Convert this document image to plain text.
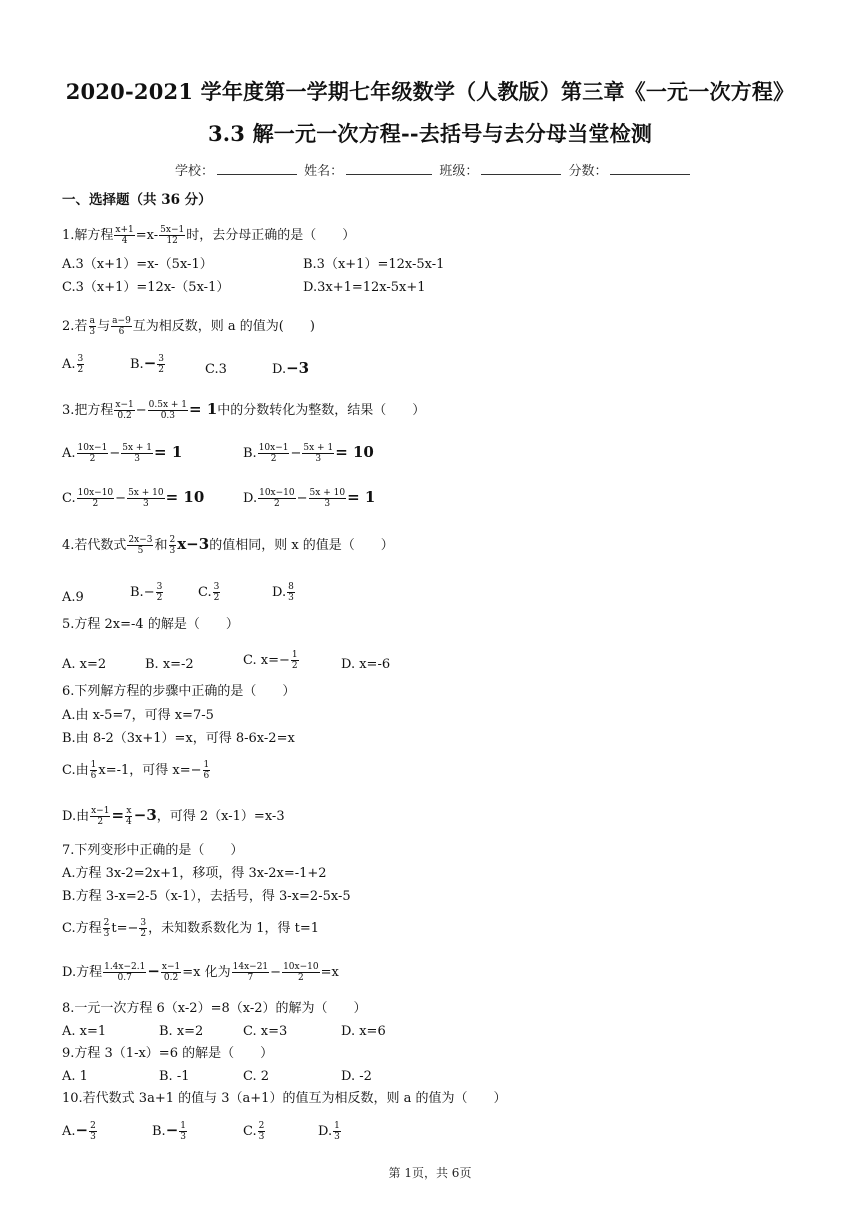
2020-2021 学年度第一学期七年级数学（人教版）第三章《一元一次方程》
3.3 解一元一次方程--去括号与去分母当堂检测
学校：	姓名：	班级：	分数：
一、选择题（共 36 分）
1.解方程 $\frac{x+1}{4} =x- \frac{5x-1}{12}$ 时，去分母正确的是（　　）
A.3（x+1）=x-（5x-1）	B.3（x+1）=12x-5x-1
C.3（x+1）=12x-（5x-1）	D.3x+1=12x-5x+1
2.若 $\frac{a}{3}$ 与 $\frac{a-9}{6}$ 互为相反数，则 a 的值为(　　)
A. $\frac{3}{2}$	$B.- \frac{3}{2}$	C.3	D.−3
3.把方程 $\frac{x-1}{0.2} - \frac{0.5x + 1}{0.3} = 1$中的分数转化为整数，结果（　　）
A. $\frac{10x-1}{2} - \frac{5x + 1}{3} = 1$	B. $\frac{10x-1}{2} - \frac{5x + 1}{3} = 10$
C. $\frac{10x-10}{2} - \frac{5x + 10}{3} = 10$	D. $\frac{10x-10}{2} - \frac{5x + 10}{3} = 1$
4.若代数式 $\frac{2x-3}{5}$ 和 $\frac{2}{3} x-3$的值相同，则 x 的值是（　　）
A.9	$B.- \frac{3}{2}$	C. $\frac{3}{2}$	D. $\frac{8}{3}$
5.方程 2x=-4 的解是（　　）
A. x=2	B. x=-2	C. $x=- \frac{1}{2}$	D. x=-6
6.下列解方程的步骤中正确的是（　　）
A.由 x-5=7，可得 x=7-5
B.由 8-2（3x+1）=x，可得 8-6x-2=x
C.由 $\frac{1}{6} x=-1$，可得 $x=- \frac{1}{6}$
D.由 $\frac{x-1}{2} = \frac{x}{4} -3$，可得 2（x-1）=x-3
7.下列变形中正确的是（　　）
A.方程 3x-2=2x+1，移项，得 3x-2x=-1+2
B.方程 3-x=2-5（x-1），去括号，得 3-x=2-5x-5
C.方程 $\frac{2}{3} t=- \frac{3}{2}$ ，未知数系数化为 1，得 t=1
D.方程 $\frac{1.4x-2.1}{0.7} - \frac{x-1}{0.2} =x$ 化为 $\frac{14x-21}{7} - \frac{10x-10}{2} =x$
8.一元一次方程 6（x-2）=8（x-2）的解为（　　）
A. x=1	B. x=2	C. x=3	D. x=6
9.方程 3（1-x）=6 的解是（　　）
A. 1	B. -1	C. 2	D. -2
10.若代数式 3a+1 的值与 3（a+1）的值互为相反数，则 a 的值为（　　）
$A.- \frac{2}{3}$	$B.- \frac{1}{3}$	C. $\frac{2}{3}$	D. $\frac{1}{3}$
第 1页，共 6页
